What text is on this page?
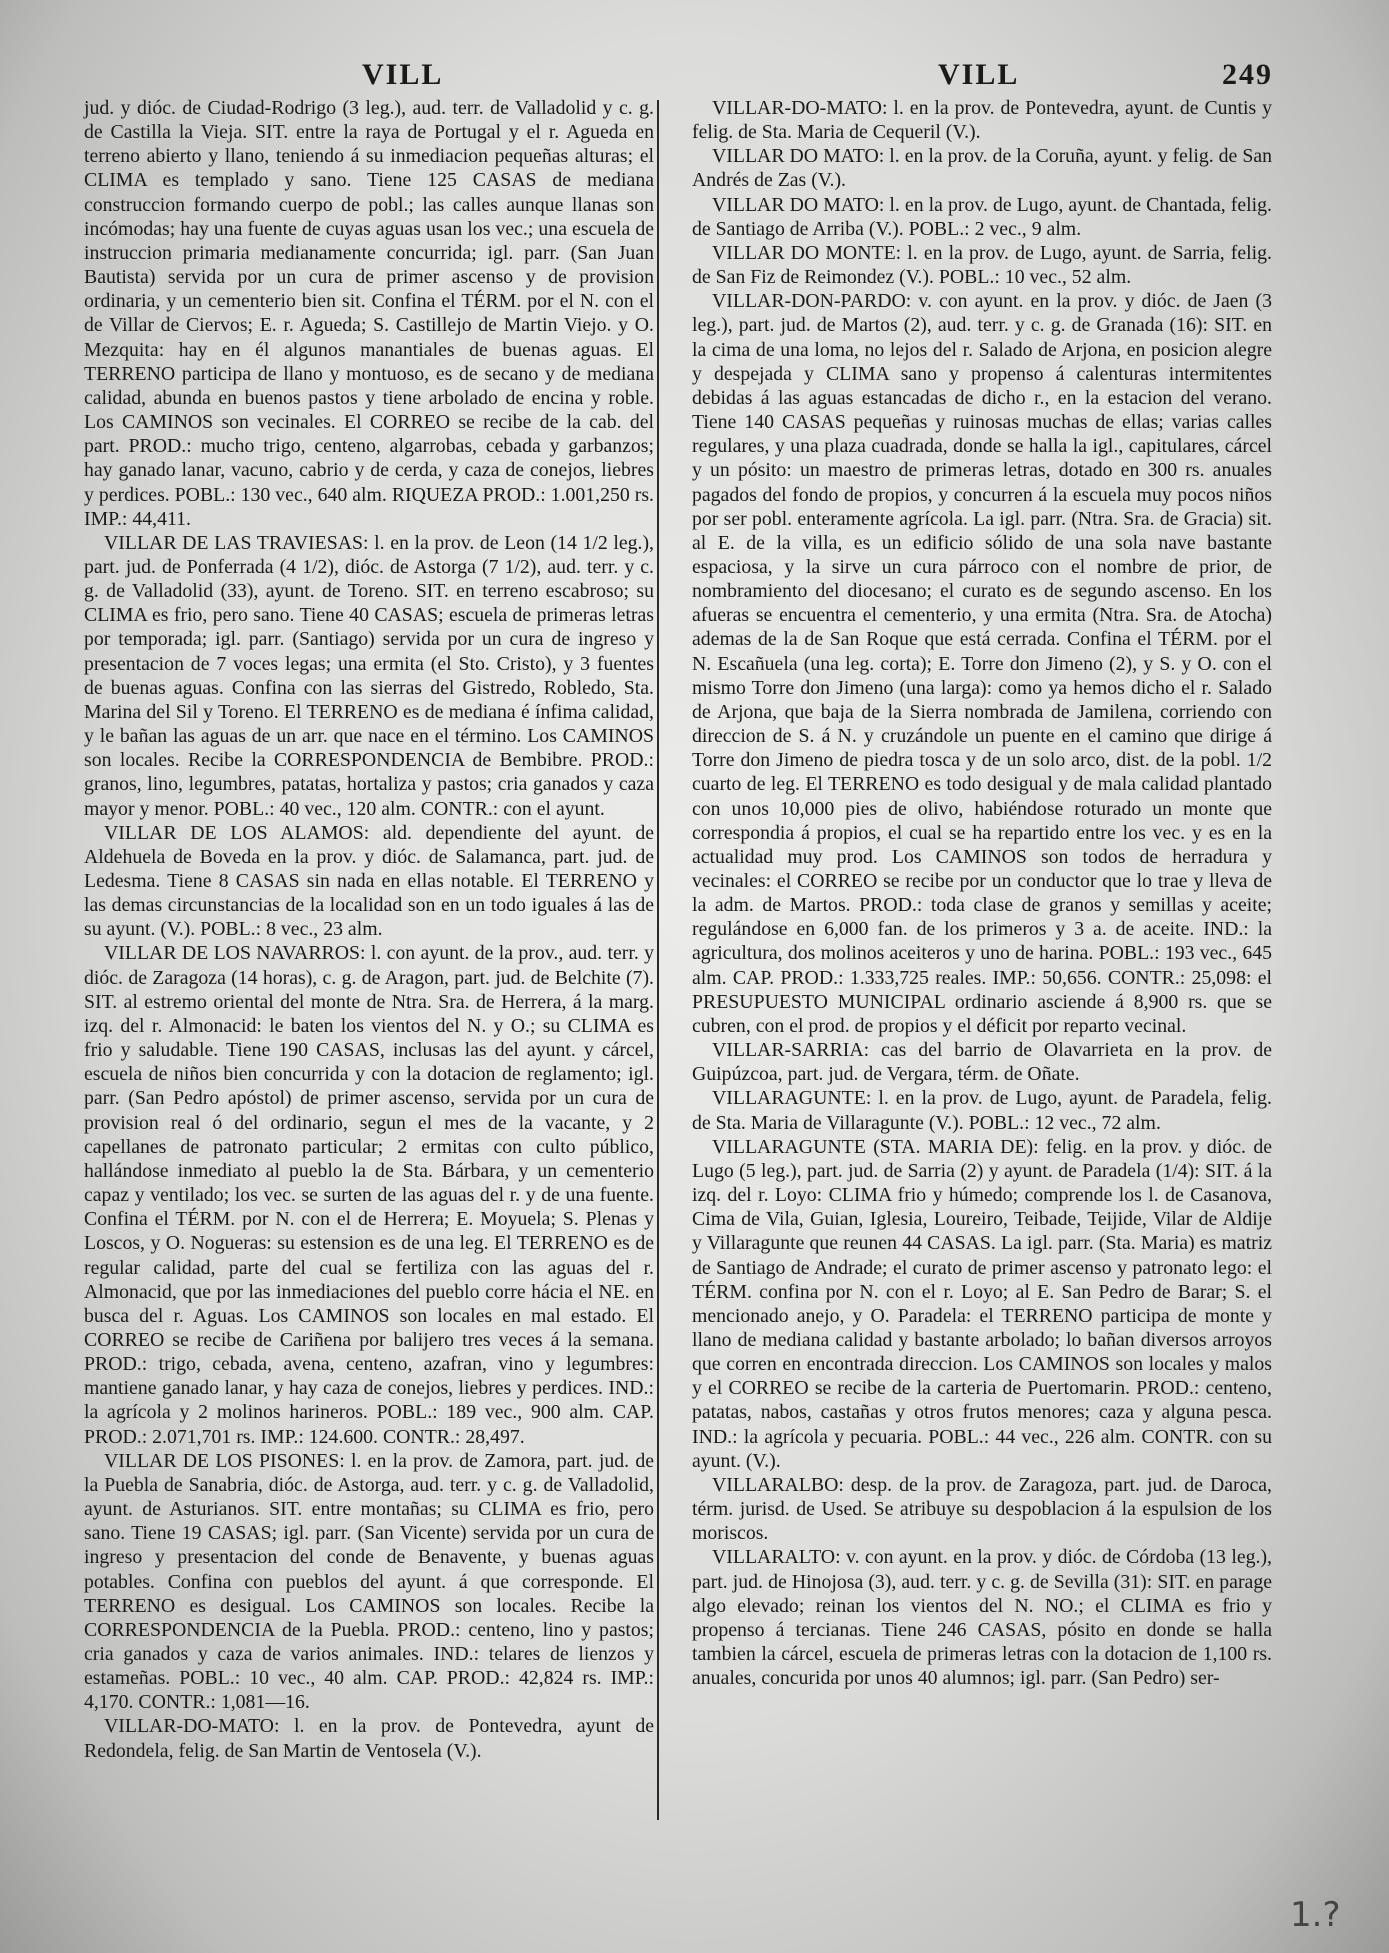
VILL	VILL	249

jud. y dióc. de Ciudad-Rodrigo (3 leg.), aud. terr. de Valladolid y c. g. de Castilla la Vieja. SIT. entre la raya de Portugal y el r. Agueda en terreno abierto y llano, teniendo á su inmediacion pequeñas alturas; el CLIMA es templado y sano. Tiene 125 CASAS de mediana construccion formando cuerpo de pobl.; las calles aunque llanas son incómodas; hay una fuente de cuyas aguas usan los vec.; una escuela de instruccion primaria medianamente concurrida; igl. parr. (San Juan Bautista) servida por un cura de primer ascenso y de provision ordinaria, y un cementerio bien sit. Confina el TÉRM. por el N. con el de Villar de Ciervos; E. r. Agueda; S. Castillejo de Martin Viejo. y O. Mezquita: hay en él algunos manantiales de buenas aguas. El TERRENO participa de llano y montuoso, es de secano y de mediana calidad, abunda en buenos pastos y tiene arbolado de encina y roble. Los CAMINOS son vecinales. El CORREO se recibe de la cab. del part. PROD.: mucho trigo, centeno, algarrobas, cebada y garbanzos; hay ganado lanar, vacuno, cabrio y de cerda, y caza de conejos, liebres y perdices. POBL.: 130 vec., 640 alm. RIQUEZA PROD.: 1.001,250 rs. IMP.: 44,411.

VILLAR DE LAS TRAVIESAS: l. en la prov. de Leon (14 1/2 leg.), part. jud. de Ponferrada (4 1/2), dióc. de Astorga (7 1/2), aud. terr. y c. g. de Valladolid (33), ayunt. de Toreno. SIT. en terreno escabroso; su CLIMA es frio, pero sano. Tiene 40 CASAS; escuela de primeras letras por temporada; igl. parr. (Santiago) servida por un cura de ingreso y presentacion de 7 voces legas; una ermita (el Sto. Cristo), y 3 fuentes de buenas aguas. Confina con las sierras del Gistredo, Robledo, Sta. Marina del Sil y Toreno. El TERRENO es de mediana é ínfima calidad, y le bañan las aguas de un arr. que nace en el término. Los CAMINOS son locales. Recibe la CORRESPONDENCIA de Bembibre. PROD.: granos, lino, legumbres, patatas, hortaliza y pastos; cria ganados y caza mayor y menor. POBL.: 40 vec., 120 alm. CONTR.: con el ayunt.

VILLAR DE LOS ALAMOS: ald. dependiente del ayunt. de Aldehuela de Boveda en la prov. y dióc. de Salamanca, part. jud. de Ledesma. Tiene 8 CASAS sin nada en ellas notable. El TERRENO y las demas circunstancias de la localidad son en un todo iguales á las de su ayunt. (V.). POBL.: 8 vec., 23 alm.

VILLAR DE LOS NAVARROS: l. con ayunt. de la prov., aud. terr. y dióc. de Zaragoza (14 horas), c. g. de Aragon, part. jud. de Belchite (7). SIT. al estremo oriental del monte de Ntra. Sra. de Herrera, á la marg. izq. del r. Almonacid: le baten los vientos del N. y O.; su CLIMA es frio y saludable. Tiene 190 CASAS, inclusas las del ayunt. y cárcel, escuela de niños bien concurrida y con la dotacion de reglamento; igl. parr. (San Pedro apóstol) de primer ascenso, servida por un cura de provision real ó del ordinario, segun el mes de la vacante, y 2 capellanes de patronato particular; 2 ermitas con culto público, hallándose inmediato al pueblo la de Sta. Bárbara, y un cementerio capaz y ventilado; los vec. se surten de las aguas del r. y de una fuente. Confina el TÉRM. por N. con el de Herrera; E. Moyuela; S. Plenas y Loscos, y O. Nogueras: su estension es de una leg. El TERRENO es de regular calidad, parte del cual se fertiliza con las aguas del r. Almonacid, que por las inmediaciones del pueblo corre hácia el NE. en busca del r. Aguas. Los CAMINOS son locales en mal estado. El CORREO se recibe de Cariñena por balijero tres veces á la semana. PROD.: trigo, cebada, avena, centeno, azafran, vino y legumbres: mantiene ganado lanar, y hay caza de conejos, liebres y perdices. IND.: la agrícola y 2 molinos harineros. POBL.: 189 vec., 900 alm. CAP. PROD.: 2.071,701 rs. IMP.: 124.600. CONTR.: 28,497.

VILLAR DE LOS PISONES: l. en la prov. de Zamora, part. jud. de la Puebla de Sanabria, dióc. de Astorga, aud. terr. y c. g. de Valladolid, ayunt. de Asturianos. SIT. entre montañas; su CLIMA es frio, pero sano. Tiene 19 CASAS; igl. parr. (San Vicente) servida por un cura de ingreso y presentacion del conde de Benavente, y buenas aguas potables. Confina con pueblos del ayunt. á que corresponde. El TERRENO es desigual. Los CAMINOS son locales. Recibe la CORRESPONDENCIA de la Puebla. PROD.: centeno, lino y pastos; cria ganados y caza de varios animales. IND.: telares de lienzos y estameñas. POBL.: 10 vec., 40 alm. CAP. PROD.: 42,824 rs. IMP.: 4,170. CONTR.: 1,081—16.

VILLAR-DO-MATO: l. en la prov. de Pontevedra, ayunt de Redondela, felig. de San Martin de Ventosela (V.).

VILLAR-DO-MATO: l. en la prov. de Pontevedra, ayunt. de Cuntis y felig. de Sta. Maria de Cequeril (V.).

VILLAR DO MATO: l. en la prov. de la Coruña, ayunt. y felig. de San Andrés de Zas (V.).

VILLAR DO MATO: l. en la prov. de Lugo, ayunt. de Chantada, felig. de Santiago de Arriba (V.). POBL.: 2 vec., 9 alm.

VILLAR DO MONTE: l. en la prov. de Lugo, ayunt. de Sarria, felig. de San Fiz de Reimondez (V.). POBL.: 10 vec., 52 alm.

VILLAR-DON-PARDO: v. con ayunt. en la prov. y dióc. de Jaen (3 leg.), part. jud. de Martos (2), aud. terr. y c. g. de Granada (16): SIT. en la cima de una loma, no lejos del r. Salado de Arjona, en posicion alegre y despejada y CLIMA sano y propenso á calenturas intermitentes debidas á las aguas estancadas de dicho r., en la estacion del verano. Tiene 140 CASAS pequeñas y ruinosas muchas de ellas; varias calles regulares, y una plaza cuadrada, donde se halla la igl., capitulares, cárcel y un pósito: un maestro de primeras letras, dotado en 300 rs. anuales pagados del fondo de propios, y concurren á la escuela muy pocos niños por ser pobl. enteramente agrícola. La igl. parr. (Ntra. Sra. de Gracia) sit. al E. de la villa, es un edificio sólido de una sola nave bastante espaciosa, y la sirve un cura párroco con el nombre de prior, de nombramiento del diocesano; el curato es de segundo ascenso. En los afueras se encuentra el cementerio, y una ermita (Ntra. Sra. de Atocha) ademas de la de San Roque que está cerrada. Confina el TÉRM. por el N. Escañuela (una leg. corta); E. Torre don Jimeno (2), y S. y O. con el mismo Torre don Jimeno (una larga): como ya hemos dicho el r. Salado de Arjona, que baja de la Sierra nombrada de Jamilena, corriendo con direccion de S. á N. y cruzándole un puente en el camino que dirige á Torre don Jimeno de piedra tosca y de un solo arco, dist. de la pobl. 1/2 cuarto de leg. El TERRENO es todo desigual y de mala calidad plantado con unos 10,000 pies de olivo, habiéndose roturado un monte que correspondia á propios, el cual se ha repartido entre los vec. y es en la actualidad muy prod. Los CAMINOS son todos de herradura y vecinales: el CORREO se recibe por un conductor que lo trae y lleva de la adm. de Martos. PROD.: toda clase de granos y semillas y aceite; regulándose en 6,000 fan. de los primeros y 3 a. de aceite. IND.: la agricultura, dos molinos aceiteros y uno de harina. POBL.: 193 vec., 645 alm. CAP. PROD.: 1.333,725 reales. IMP.: 50,656. CONTR.: 25,098: el PRESUPUESTO MUNICIPAL ordinario asciende á 8,900 rs. que se cubren, con el prod. de propios y el déficit por reparto vecinal.

VILLAR-SARRIA: cas del barrio de Olavarrieta en la prov. de Guipúzcoa, part. jud. de Vergara, térm. de Oñate.

VILLARAGUNTE: l. en la prov. de Lugo, ayunt. de Paradela, felig. de Sta. Maria de Villaragunte (V.). POBL.: 12 vec., 72 alm.

VILLARAGUNTE (STA. MARIA DE): felig. en la prov. y dióc. de Lugo (5 leg.), part. jud. de Sarria (2) y ayunt. de Paradela (1/4): SIT. á la izq. del r. Loyo: CLIMA frio y húmedo; comprende los l. de Casanova, Cima de Vila, Guian, Iglesia, Loureiro, Teibade, Teijide, Vilar de Aldije y Villaragunte que reunen 44 CASAS. La igl. parr. (Sta. Maria) es matriz de Santiago de Andrade; el curato de primer ascenso y patronato lego: el TÉRM. confina por N. con el r. Loyo; al E. San Pedro de Barar; S. el mencionado anejo, y O. Paradela: el TERRENO participa de monte y llano de mediana calidad y bastante arbolado; lo bañan diversos arroyos que corren en encontrada direccion. Los CAMINOS son locales y malos y el CORREO se recibe de la carteria de Puertomarin. PROD.: centeno, patatas, nabos, castañas y otros frutos menores; caza y alguna pesca. IND.: la agrícola y pecuaria. POBL.: 44 vec., 226 alm. CONTR. con su ayunt. (V.).

VILLARALBO: desp. de la prov. de Zaragoza, part. jud. de Daroca, térm. jurisd. de Used. Se atribuye su despoblacion á la espulsion de los moriscos.

VILLARALTO: v. con ayunt. en la prov. y dióc. de Córdoba (13 leg.), part. jud. de Hinojosa (3), aud. terr. y c. g. de Sevilla (31): SIT. en parage algo elevado; reinan los vientos del N. NO.; el CLIMA es frio y propenso á tercianas. Tiene 246 CASAS, pósito en donde se halla tambien la cárcel, escuela de primeras letras con la dotacion de 1,100 rs. anuales, concurida por unos 40 alumnos; igl. parr. (San Pedro) ser-

1.?
